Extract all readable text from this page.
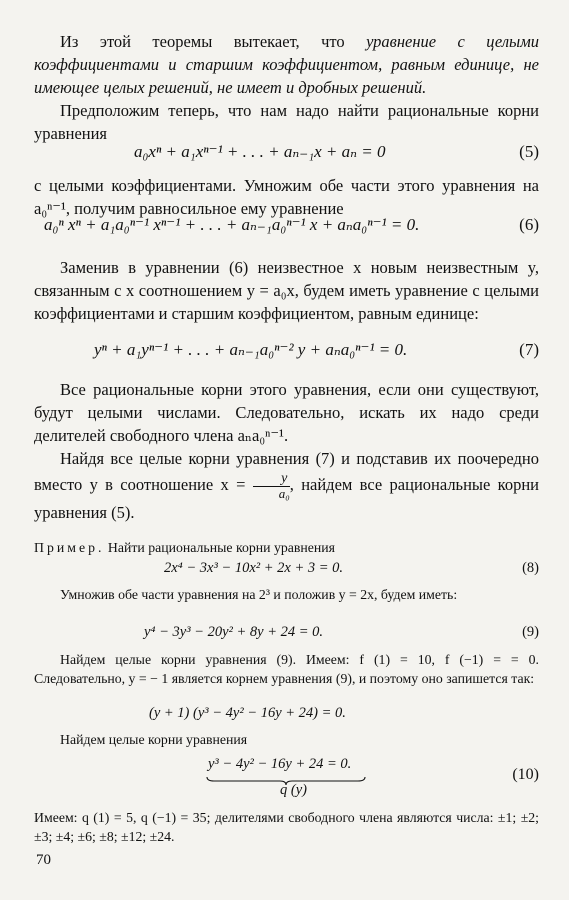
Из этой теоремы вытекает, что уравнение с целыми коэффициентами и старшим коэффициентом, равным единице, не имеющее целых решений, не имеет и дробных решений.

Предположим теперь, что нам надо найти рациональные корни уравнения

a₀xⁿ + a₁xⁿ⁻¹ + . . . + aₙ₋₁x + aₙ = 0	(5)

с целыми коэффициентами. Умножим обе части этого уравнения на a₀ⁿ⁻¹, получим равносильное ему уравнение

a₀ⁿ xⁿ + a₁a₀ⁿ⁻¹ xⁿ⁻¹ + . . . + aₙ₋₁a₀ⁿ⁻¹ x + aₙa₀ⁿ⁻¹ = 0.	(6)

Заменив в уравнении (6) неизвестное x новым неизвестным y, связанным с x соотношением y = a₀x, будем иметь уравнение с целыми коэффициентами и старшим коэффициентом, равным единице:

yⁿ + a₁yⁿ⁻¹ + . . . + aₙ₋₁a₀ⁿ⁻² y + aₙa₀ⁿ⁻¹ = 0.	(7)

Все рациональные корни этого уравнения, если они существуют, будут целыми числами. Следовательно, искать их надо среди делителей свободного члена aₙa₀ⁿ⁻¹.

Найдя все целые корни уравнения (7) и подставив их поочередно вместо y в соотношение $x = \frac{y}{\text{a₀}}$ , найдем все рациональные корни уравнения (5).

Пример. Найти рациональные корни уравнения

2x⁴ − 3x³ − 10x² + 2x + 3 = 0.	(8)

Умножив обе части уравнения на 2³ и положив y = 2x, будем иметь:

y⁴ − 3y³ − 20y² + 8y + 24 = 0.	(9)

Найдем целые корни уравнения (9). Имеем: f (1) = 10, f (−1) = = 0. Следовательно, y = − 1 является корнем уравнения (9), и поэтому оно запишется так:

(y + 1) (y³ − 4y² − 16y + 24) = 0.

Найдем целые корни уравнения

y³ − 4y² − 16y + 24 = 0.
q (y)
(10)

Имеем: q (1) = 5, q (−1) = 35; делителями свободного члена являются числа: ±1; ±2; ±3; ±4; ±6; ±8; ±12; ±24.

70
